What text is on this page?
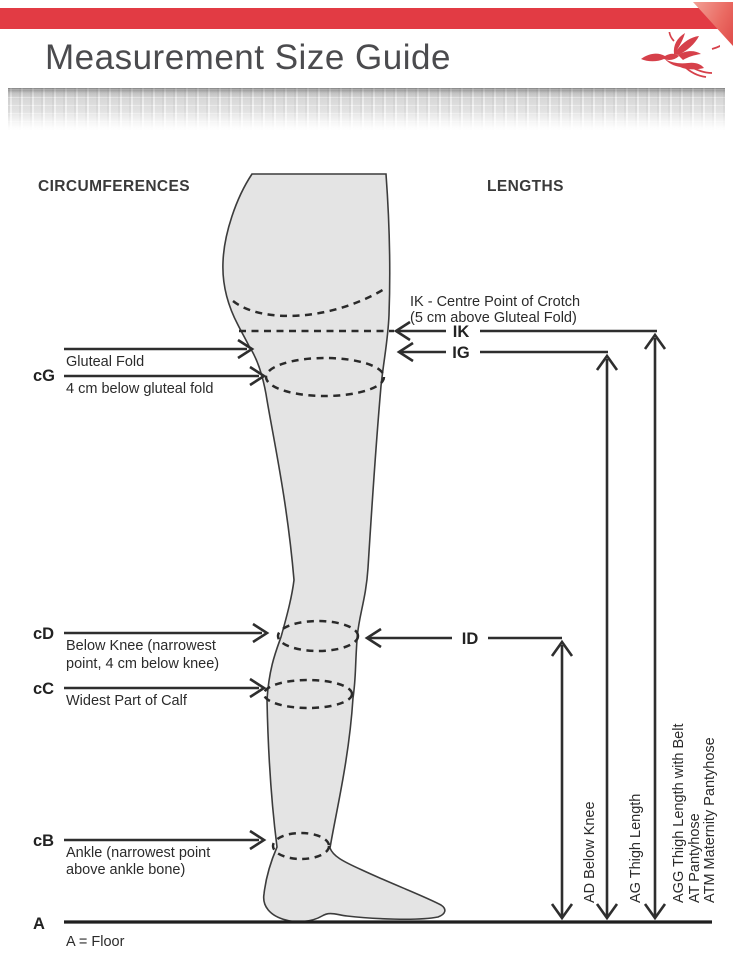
Measurement Size Guide
CIRCUMFERENCES	LENGTHS
Gluteal Fold
cG
4 cm below gluteal fold
cD
Below Knee (narrowest
point, 4 cm below knee)
cC
Widest Part of Calf
cB
Ankle (narrowest point
above ankle bone)
IK - Centre Point of Crotch
(5 cm above Gluteal Fold)
IK
IG
ID
AD Below Knee AG Thigh Length AGG Thigh Length with Belt AT Pantyhose ATM Maternity Pantyhose
A
A = Floor
